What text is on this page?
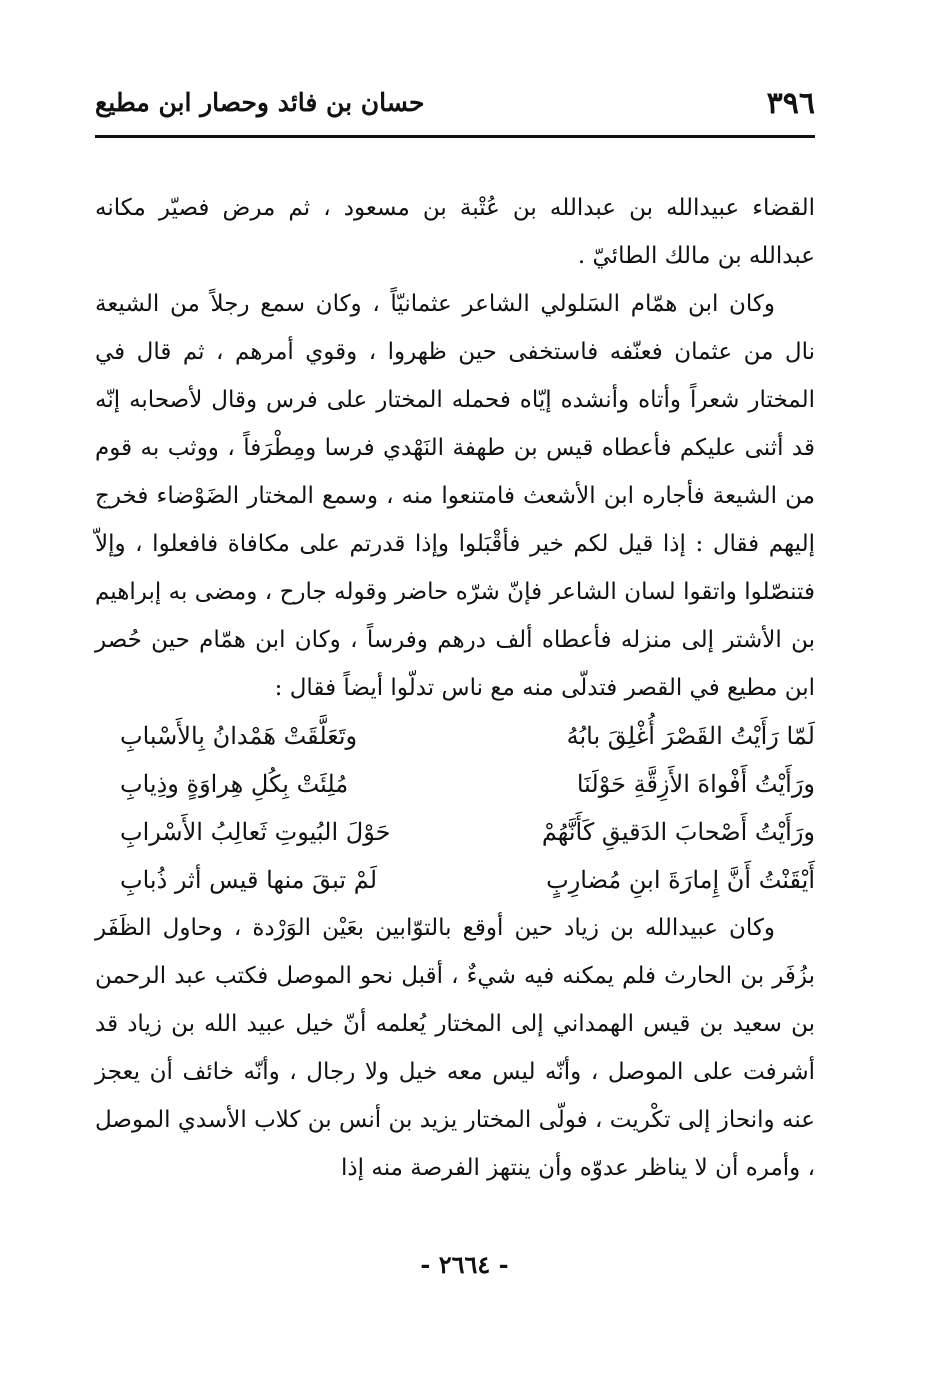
٣٩٦
حسان بن فائد وحصار ابن مطيع

القضاء عبيدالله بن عبدالله بن عُتْبة بن مسعود ، ثم مرض فصيّر مكانه عبدالله بن مالك الطائيّ .

وكان ابن همّام السَلولي الشاعر عثمانيّاً ، وكان سمع رجلاً من الشيعة نال من عثمان فعنّفه فاستخفى حين ظهروا ، وقوي أمرهم ، ثم قال في المختار شعراً وأتاه وأنشده إيّاه فحمله المختار على فرس وقال لأصحابه إنّه قد أثنى عليكم فأعطاه قيس بن طهفة النَهْدي فرسا ومِطْرَفاً ، ووثب به قوم من الشيعة فأجاره ابن الأشعث فامتنعوا منه ، وسمع المختار الضَوْضاء فخرج إليهم فقال : إذا قيل لكم خير فأقْبَلوا وإذا قدرتم على مكافاة فافعلوا ، وإلاّ فتنصّلوا واتقوا لسان الشاعر فإنّ شرّه حاضر وقوله جارح ، ومضى به إبراهيم بن الأشتر إلى منزله فأعطاه ألف درهم وفرساً ، وكان ابن همّام حين حُصر ابن مطيع في القصر فتدلّى منه مع ناس تدلّوا أيضاً فقال :

لَمّا رَأَيْتُ القَصْرَ أُغْلِقَ بابُهُ
وتَعَلَّقَتْ هَمْدانُ بِالأَسْبابِ
ورَأَيْتُ أَفْواهَ الأَزِقَّةِ حَوْلَنَا
مُلِئَتْ بِكُلِ هِراوَةٍ وذِيابِ
ورَأَيْتُ أَصْحابَ الدَقيقِ كَأَنَّهُمْ
حَوْلَ البُيوتِ ثَعالِبُ الأَسْرابِ
أَيْقَنْتُ أَنَّ إِمارَةَ ابنِ مُضارِبٍ
لَمْ تبقَ منها قيس أثر ذُبابِ

وكان عبيدالله بن زياد حين أوقع بالتوّابين بعَيْن الوَرْدة ، وحاول الظَفَر بزُفَر بن الحارث فلم يمكنه فيه شيءٌ ، أقبل نحو الموصل فكتب عبد الرحمن بن سعيد بن قيس الهمداني إلى المختار يُعلمه أنّ خيل عبيد الله بن زياد قد أشرفت على الموصل ، وأنّه ليس معه خيل ولا رجال ، وأنّه خائف أن يعجز عنه وانحاز إلى تكْريت ، فولّى المختار يزيد بن أنس بن كلاب الأسدي الموصل ، وأمره أن لا يناظر عدوّه وأن ينتهز الفرصة منه إذا

- ٢٦٦٤ -
